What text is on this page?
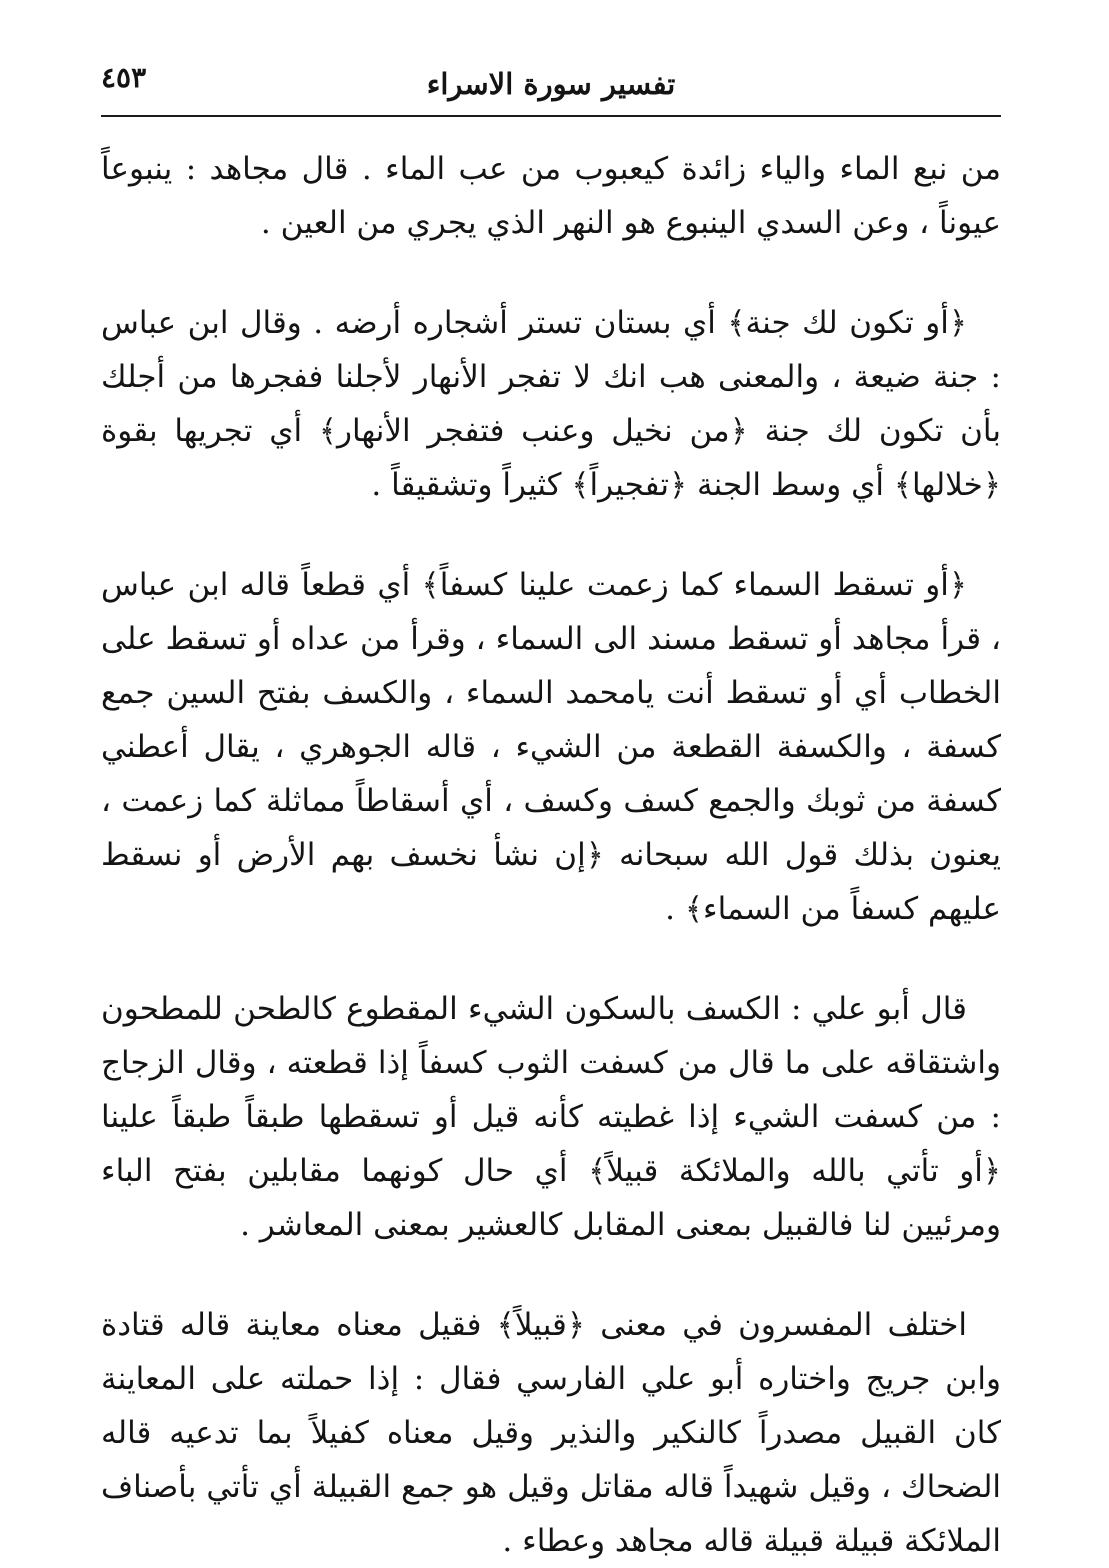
تفسير سورة الاسراء
٤٥٣

من نبع الماء والياء زائدة كيعبوب من عب الماء . قال مجاهد : ينبوعاً عيوناً ، وعن السدي الينبوع هو النهر الذي يجري من العين .

﴿أو تكون لك جنة﴾ أي بستان تستر أشجاره أرضه . وقال ابن عباس : جنة ضيعة ، والمعنى هب انك لا تفجر الأنهار لأجلنا ففجرها من أجلك بأن تكون لك جنة ﴿من نخيل وعنب فتفجر الأنهار﴾ أي تجريها بقوة ﴿خلالها﴾ أي وسط الجنة ﴿تفجيراً﴾ كثيراً وتشقيقاً .

﴿أو تسقط السماء كما زعمت علينا كسفاً﴾ أي قطعاً قاله ابن عباس ، قرأ مجاهد أو تسقط مسند الى السماء ، وقرأ من عداه أو تسقط على الخطاب أي أو تسقط أنت يامحمد السماء ، والكسف بفتح السين جمع كسفة ، والكسفة القطعة من الشيء ، قاله الجوهري ، يقال أعطني كسفة من ثوبك والجمع كسف وكسف ، أي أسقاطاً مماثلة كما زعمت ، يعنون بذلك قول الله سبحانه ﴿إن نشأ نخسف بهم الأرض أو نسقط عليهم كسفاً من السماء﴾ .

قال أبو علي : الكسف بالسكون الشيء المقطوع كالطحن للمطحون واشتقاقه على ما قال من كسفت الثوب كسفاً إذا قطعته ، وقال الزجاج : من كسفت الشيء إذا غطيته كأنه قيل أو تسقطها طبقاً طبقاً علينا ﴿أو تأتي بالله والملائكة قبيلاً﴾ أي حال كونهما مقابلين بفتح الباء ومرئيين لنا فالقبيل بمعنى المقابل كالعشير بمعنى المعاشر .

اختلف المفسرون في معنى ﴿قبيلاً﴾ فقيل معناه معاينة قاله قتادة وابن جريج واختاره أبو علي الفارسي فقال : إذا حملته على المعاينة كان القبيل مصدراً كالنكير والنذير وقيل معناه كفيلاً بما تدعيه قاله الضحاك ، وقيل شهيداً قاله مقاتل وقيل هو جمع القبيلة أي تأتي بأصناف الملائكة قبيلة قبيلة قاله مجاهد وعطاء .
